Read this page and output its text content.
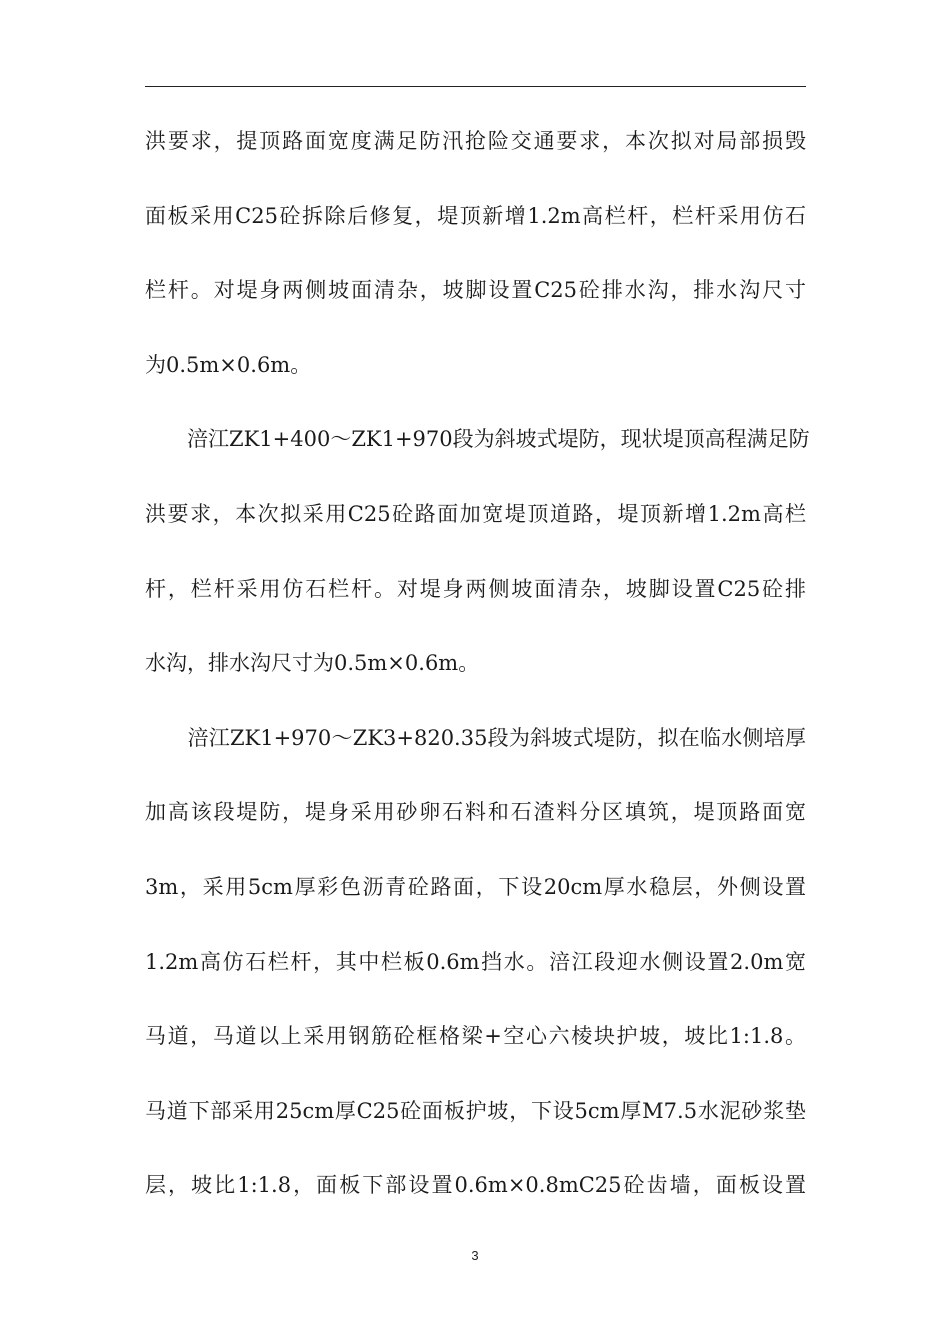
洪要求，提顶路面宽度满足防汛抢险交通要求，本次拟对局部损毁
面板采用C25砼拆除后修复，堤顶新增1.2m高栏杆，栏杆采用仿石
栏杆。对堤身两侧坡面清杂，坡脚设置C25砼排水沟，排水沟尺寸
为0.5m×0.6m。
　　涪江ZK1+400～ZK1+970段为斜坡式堤防，现状堤顶高程满足防
洪要求，本次拟采用C25砼路面加宽堤顶道路，堤顶新增1.2m高栏
杆，栏杆采用仿石栏杆。对堤身两侧坡面清杂，坡脚设置C25砼排
水沟，排水沟尺寸为0.5m×0.6m。
　　涪江ZK1+970～ZK3+820.35段为斜坡式堤防，拟在临水侧培厚
加高该段堤防，堤身采用砂卵石料和石渣料分区填筑，堤顶路面宽
3m，采用5cm厚彩色沥青砼路面，下设20cm厚水稳层，外侧设置
1.2m高仿石栏杆，其中栏板0.6m挡水。涪江段迎水侧设置2.0m宽
马道，马道以上采用钢筋砼框格梁+空心六棱块护坡，坡比1:1.8。
马道下部采用25cm厚C25砼面板护坡，下设5cm厚M7.5水泥砂浆垫
层，坡比1:1.8，面板下部设置0.6m×0.8mC25砼齿墙，面板设置
3
